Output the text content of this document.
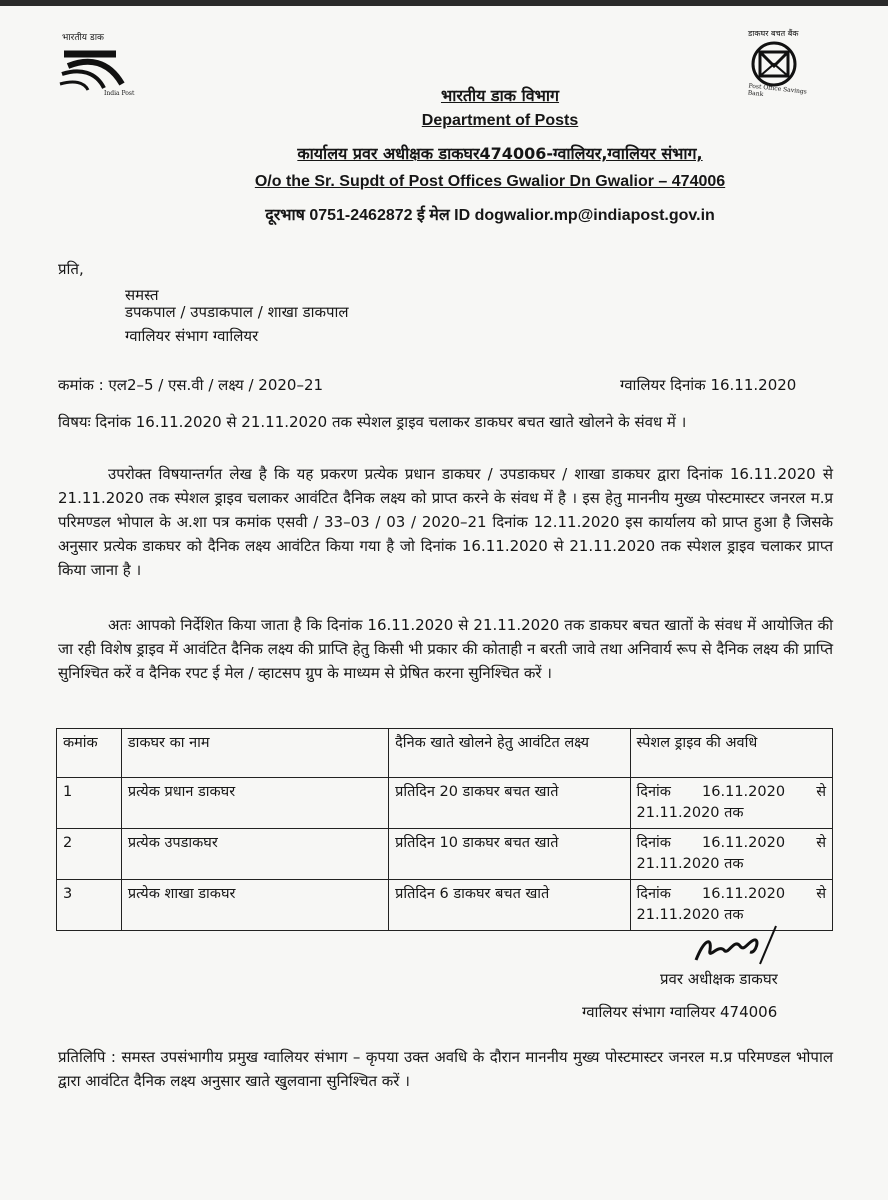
भारतीय डाक
India Post
डाकघर बचत बैंक
Post Office Savings Bank
भारतीय डाक विभाग
Department of Posts
कार्यालय प्रवर अधीक्षक डाकघर474006-ग्वालियर,ग्वालियर संभाग,
O/o the Sr. Supdt of Post Offices Gwalior Dn Gwalior – 474006
दूरभाष 0751-2462872 ई मेल ID dogwalior.mp@indiapost.gov.in
प्रति,
समस्त
डपकपाल / उपडाकपाल / शाखा डाकपाल
ग्वालियर संभाग ग्वालियर
कमांक : एल2–5 / एस.वी / लक्ष्य / 2020–21	ग्वालियर दिनांक 16.11.2020
विषयः दिनांक 16.11.2020 से 21.11.2020 तक स्पेशल ड्राइव चलाकर डाकघर बचत खाते खोलने के संवध में ।
उपरोक्त विषयान्तर्गत लेख है कि यह प्रकरण प्रत्येक प्रधान डाकघर / उपडाकघर / शाखा डाकघर द्वारा दिनांक 16.11.2020 से 21.11.2020 तक स्पेशल ड्राइव चलाकर आवंटित दैनिक लक्ष्य को प्राप्त करने के संवध में है । इस हेतु माननीय मुख्य पोस्टमास्टर जनरल म.प्र परिमण्डल भोपाल के अ.शा पत्र कमांक एसवी / 33–03 / 03 / 2020–21 दिनांक 12.11.2020 इस कार्यालय को प्राप्त हुआ है जिसके अनुसार प्रत्येक डाकघर को दैनिक लक्ष्य आवंटित किया गया है जो दिनांक 16.11.2020 से 21.11.2020 तक स्पेशल ड्राइव चलाकर प्राप्त किया जाना है ।
अतः आपको निर्देशित किया जाता है कि दिनांक 16.11.2020 से 21.11.2020 तक डाकघर बचत खातों के संवध में आयोजित की जा रही विशेष ड्राइव में आवंटित दैनिक लक्ष्य की प्राप्ति हेतु किसी भी प्रकार की कोताही न बरती जावे तथा अनिवार्य रूप से दैनिक लक्ष्य की प्राप्ति सुनिश्चित करें व दैनिक रपट ई मेल / व्हाटसप ग्रुप के माध्यम से प्रेषित करना सुनिश्चित करें ।
कमांक	डाकघर का नाम	दैनिक खाते खोलने हेतु आवंटित लक्ष्य	स्पेशल ड्राइव की अवधि
1	प्रत्येक प्रधान डाकघर	प्रतिदिन 20 डाकघर बचत खाते	दिनांक 16.11.2020 से
21.11.2020 तक

2	प्रत्येक उपडाकघर	प्रतिदिन 10 डाकघर बचत खाते	दिनांक 16.11.2020 से
21.11.2020 तक

3	प्रत्येक शाखा डाकघर	प्रतिदिन 6 डाकघर बचत खाते	दिनांक 16.11.2020 से
21.11.2020 तक
प्रवर अधीक्षक डाकघर
ग्वालियर संभाग ग्वालियर 474006
प्रतिलिपि : समस्त उपसंभागीय प्रमुख ग्वालियर संभाग – कृपया उक्त अवधि के दौरान माननीय मुख्य पोस्टमास्टर जनरल म.प्र परिमण्डल भोपाल द्वारा आवंटित दैनिक लक्ष्य अनुसार खाते खुलवाना सुनिश्चित करें ।
